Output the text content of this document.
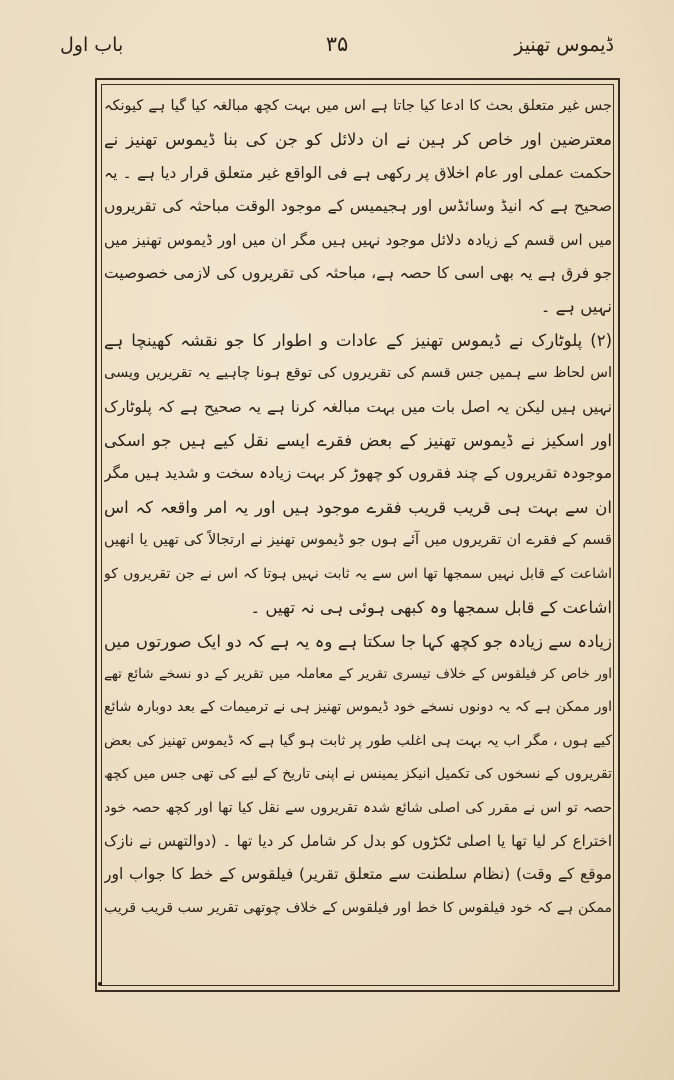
ڈیموس تھنیز
۳۵
باب اول
جس غیر متعلق بحث کا ادعا کیا جاتا ہے اس میں بہت کچھ مبالغہ کیا گیا ہے کیونکہ
معترضین اور خاص کر ہین نے ان دلائل کو جن کی بنا ڈیموس تھنیز نے
حکمت عملی اور عام اخلاق پر رکھی ہے فی الواقع غیر متعلق قرار دیا ہے ۔ یہ
صحیح ہے کہ انیڈ وسائڈس اور ہجیمیس کے موجود الوقت مباحثہ کی تقریروں
میں اس قسم کے زیادہ دلائل موجود نہیں ہیں مگر ان میں اور ڈیموس تھنیز میں
جو فرق ہے یہ بھی اسی کا حصہ ہے، مباحثہ کی تقریروں کی لازمی خصوصیت
نہیں ہے ۔
(۲) پلوٹارک نے ڈیموس تھنیز کے عادات و اطوار کا جو نقشہ کھینچا ہے
اس لحاظ سے ہمیں جس قسم کی تقریروں کی توقع ہونا چاہیے یہ تقریریں ویسی
نہیں ہیں لیکن یہ اصل بات میں بہت مبالغہ کرنا ہے یہ صحیح ہے کہ پلوٹارک
اور اسکیز نے ڈیموس تھنیز کے بعض فقرے ایسے نقل کیے ہیں جو اسکی
موجودہ تقریروں کے چند فقروں کو چھوڑ کر بہت زیادہ سخت و شدید ہیں مگر
ان سے بہت ہی قریب قریب فقرے موجود ہیں اور یہ امر واقعہ کہ اس
قسم کے فقرے ان تقریروں میں آئے ہوں جو ڈیموس تھنیز نے ارتجالاً کی تھیں یا انھیں
اشاعت کے قابل نہیں سمجھا تھا اس سے یہ ثابت نہیں ہوتا کہ اس نے جن تقریروں کو
اشاعت کے قابل سمجھا وہ کبھی ہوئی ہی نہ تھیں ۔
زیادہ سے زیادہ جو کچھ کہا جا سکتا ہے وہ یہ ہے کہ دو ایک صورتوں میں
اور خاص کر فیلقوس کے خلاف تیسری تقریر کے معاملہ میں تقریر کے دو نسخے شائع تھے
اور ممکن ہے کہ یہ دونوں نسخے خود ڈیموس تھنیز ہی نے ترمیمات کے بعد دوبارہ شائع
کیے ہوں ، مگر اب یہ بہت ہی اغلب طور پر ثابت ہو گیا ہے کہ ڈیموس تھنیز کی بعض
تقریروں کے نسخوں کی تکمیل انیکز یمینس نے اپنی تاریخ کے لیے کی تھی جس میں کچھ
حصہ تو اس نے مقرر کی اصلی شائع شدہ تقریروں سے نقل کیا تھا اور کچھ حصہ خود
اختراع کر لیا تھا یا اصلی ٹکڑوں کو بدل کر شامل کر دیا تھا ۔ (دوالتھس نے نازک
موقع کے وقت) (نظام سلطنت سے متعلق تقریر) فیلقوس کے خط کا جواب اور
ممکن ہے کہ خود فیلقوس کا خط اور فیلقوس کے خلاف چوتھی تقریر سب قریب قریب
